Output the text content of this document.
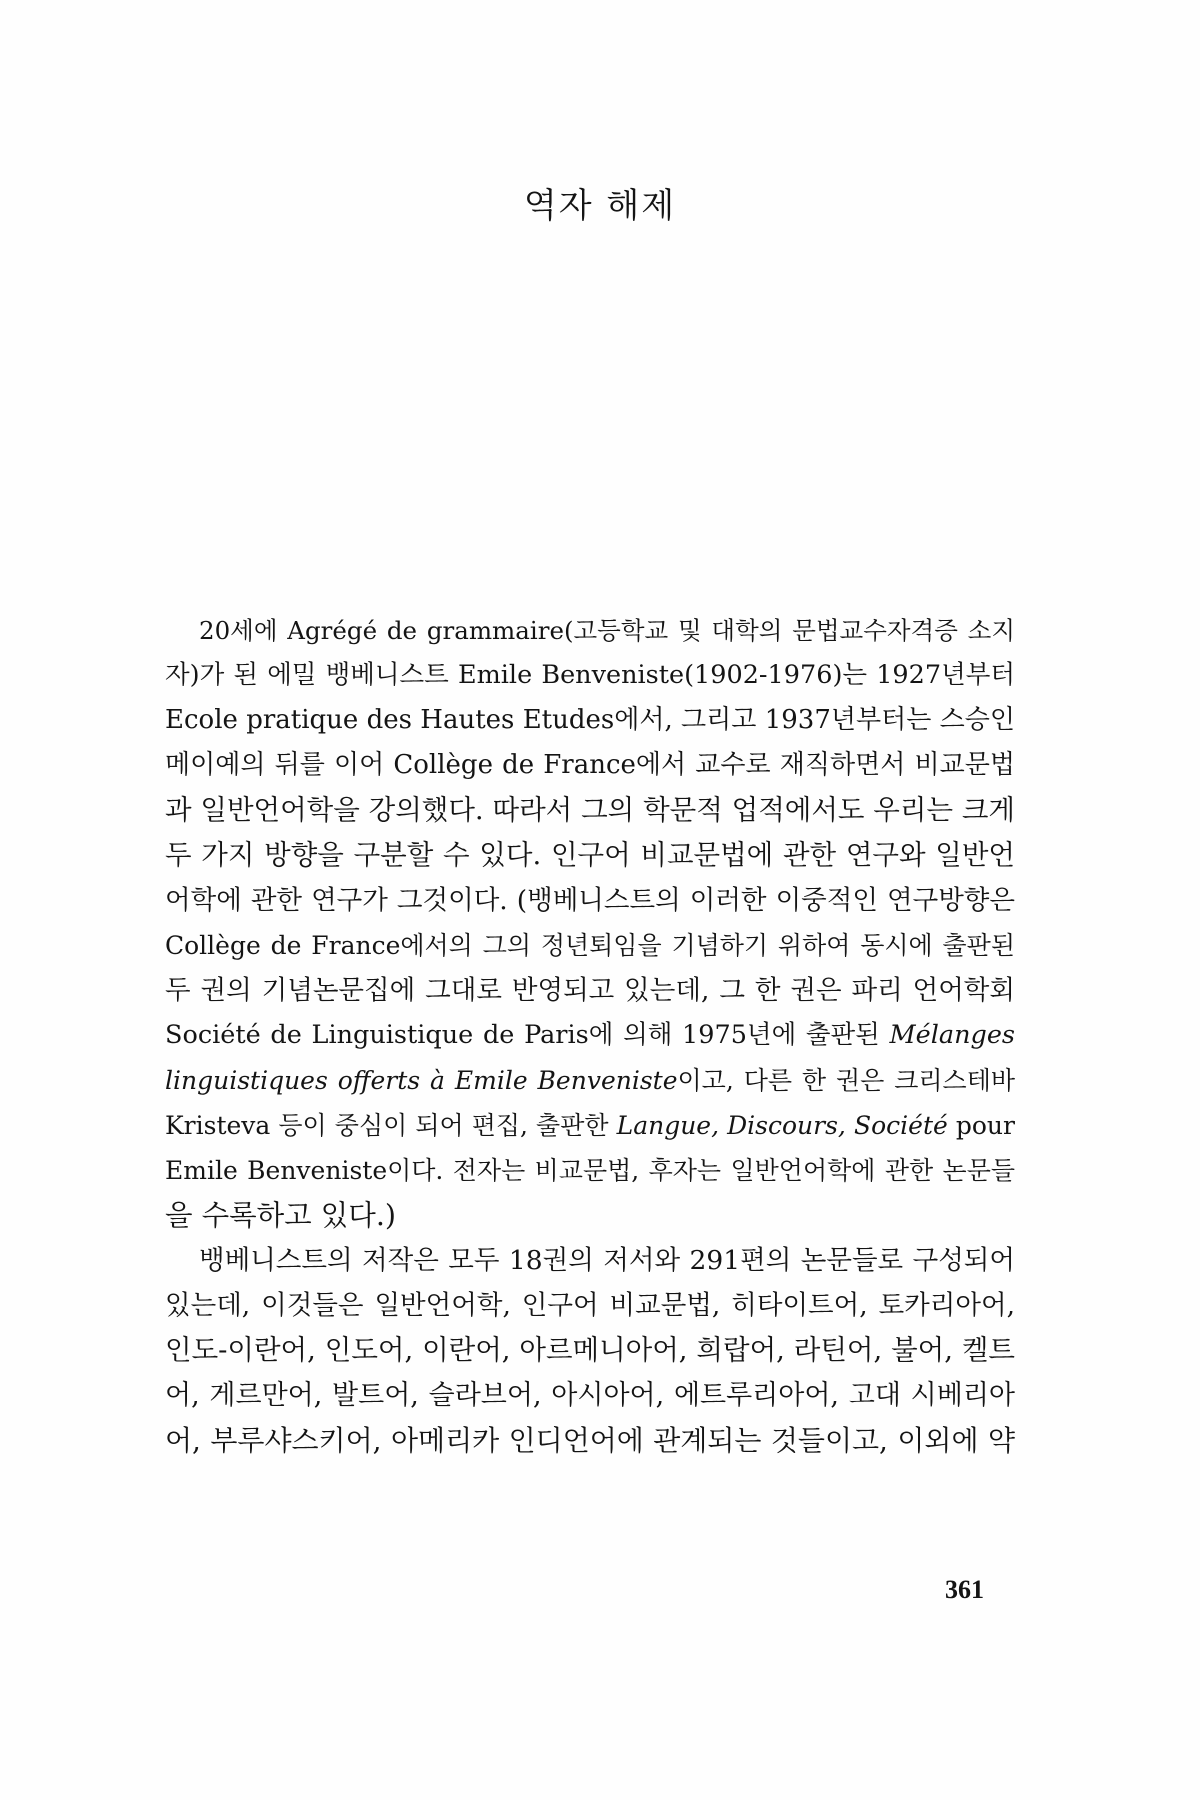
역자 해제
20세에 Agrégé de grammaire(고등학교 및 대학의 문법교수자격증 소지
자)가 된 에밀 뱅베니스트 Emile Benveniste(1902-1976)는 1927년부터
Ecole pratique des Hautes Etudes에서, 그리고 1937년부터는 스승인
메이예의 뒤를 이어 Collège de France에서 교수로 재직하면서 비교문법
과 일반언어학을 강의했다. 따라서 그의 학문적 업적에서도 우리는 크게
두 가지 방향을 구분할 수 있다. 인구어 비교문법에 관한 연구와 일반언
어학에 관한 연구가 그것이다. (뱅베니스트의 이러한 이중적인 연구방향은
Collège de France에서의 그의 정년퇴임을 기념하기 위하여 동시에 출판된
두 권의 기념논문집에 그대로 반영되고 있는데, 그 한 권은 파리 언어학회
Société de Linguistique de Paris에 의해 1975년에 출판된 Mélanges
linguistiques offerts à Emile Benveniste이고, 다른 한 권은 크리스테바
Kristeva 등이 중심이 되어 편집, 출판한 Langue, Discours, Société pour
Emile Benveniste이다. 전자는 비교문법, 후자는 일반언어학에 관한 논문들
을 수록하고 있다.)
뱅베니스트의 저작은 모두 18권의 저서와 291편의 논문들로 구성되어
있는데, 이것들은 일반언어학, 인구어 비교문법, 히타이트어, 토카리아어,
인도-이란어, 인도어, 이란어, 아르메니아어, 희랍어, 라틴어, 불어, 켈트
어, 게르만어, 발트어, 슬라브어, 아시아어, 에트루리아어, 고대 시베리아
어, 부루샤스키어, 아메리카 인디언어에 관계되는 것들이고, 이외에 약
361
